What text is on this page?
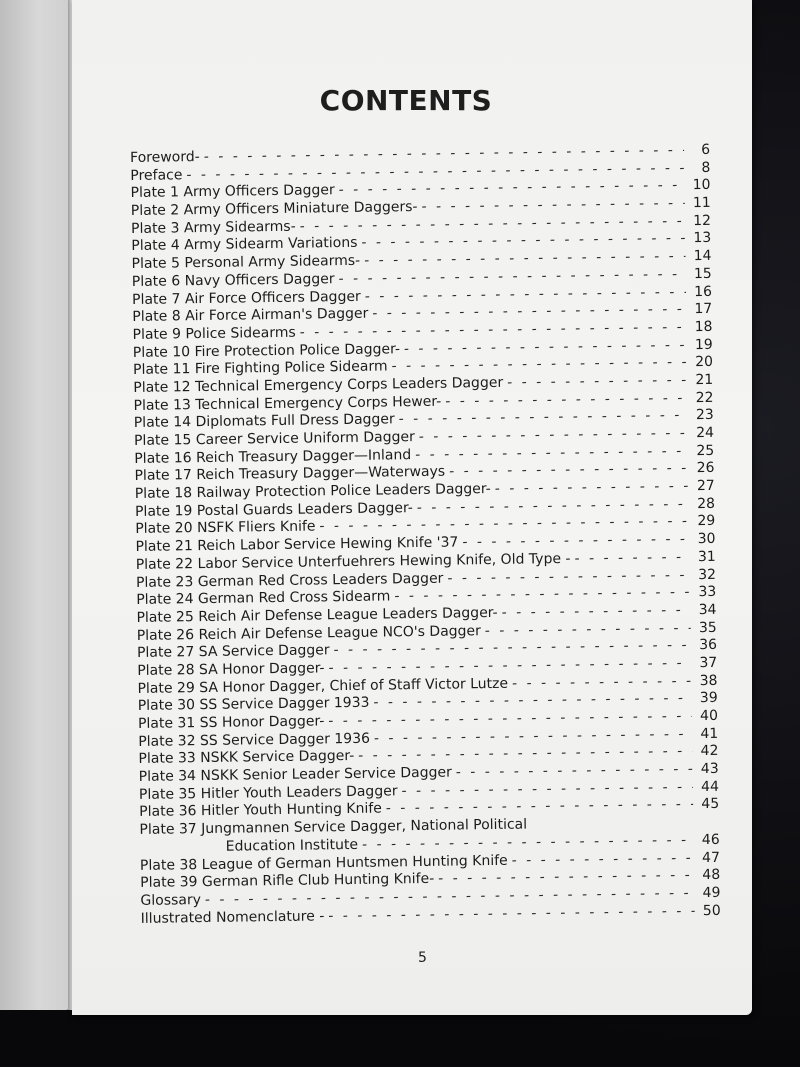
CONTENTS
Foreword- - - -	6
Preface - - -	8
Plate 1 Army Officers Dagger - - -	10
Plate 2 Army Officers Miniature Daggers- - - -	11
Plate 3 Army Sidearms- - - -	12
Plate 4 Army Sidearm Variations - - -	13
Plate 5 Personal Army Sidearms- - - -	14
Plate 6 Navy Officers Dagger - - -	15
Plate 7 Air Force Officers Dagger - - -	16
Plate 8 Air Force Airman's Dagger - - -	17
Plate 9 Police Sidearms - - -	18
Plate 10 Fire Protection Police Dagger- - - -	19
Plate 11 Fire Fighting Police Sidearm - - -	20
Plate 12 Technical Emergency Corps Leaders Dagger - - -	21
Plate 13 Technical Emergency Corps Hewer- - - -	22
Plate 14 Diplomats Full Dress Dagger - - -	23
Plate 15 Career Service Uniform Dagger - - -	24
Plate 16 Reich Treasury Dagger—Inland - - -	25
Plate 17 Reich Treasury Dagger—Waterways - - -	26
Plate 18 Railway Protection Police Leaders Dagger- - - -	27
Plate 19 Postal Guards Leaders Dagger- - - -	28
Plate 20 NSFK Fliers Knife - - -	29
Plate 21 Reich Labor Service Hewing Knife '37 - - -	30
Plate 22 Labor Service Unterfuehrers Hewing Knife, Old Type - - - -	31
Plate 23 German Red Cross Leaders Dagger - - -	32
Plate 24 German Red Cross Sidearm - - -	33
Plate 25 Reich Air Defense League Leaders Dagger- - - -	34
Plate 26 Reich Air Defense League NCO's Dagger - - -	35
Plate 27 SA Service Dagger - - -	36
Plate 28 SA Honor Dagger- - - -	37
Plate 29 SA Honor Dagger, Chief of Staff Victor Lutze - - -	38
Plate 30 SS Service Dagger 1933 - - -	39
Plate 31 SS Honor Dagger- - - -	40
Plate 32 SS Service Dagger 1936 - - -	41
Plate 33 NSKK Service Dagger- - - -	42
Plate 34 NSKK Senior Leader Service Dagger - - -	43
Plate 35 Hitler Youth Leaders Dagger - - -	44
Plate 36 Hitler Youth Hunting Knife - - -	45
Plate 37 Jungmannen Service Dagger, National Political
Education Institute - - -	46
Plate 38 League of German Huntsmen Hunting Knife - - -	47
Plate 39 German Rifle Club Hunting Knife- - - -	48
Glossary - - -	49
Illustrated Nomenclature - - - -	50
5
